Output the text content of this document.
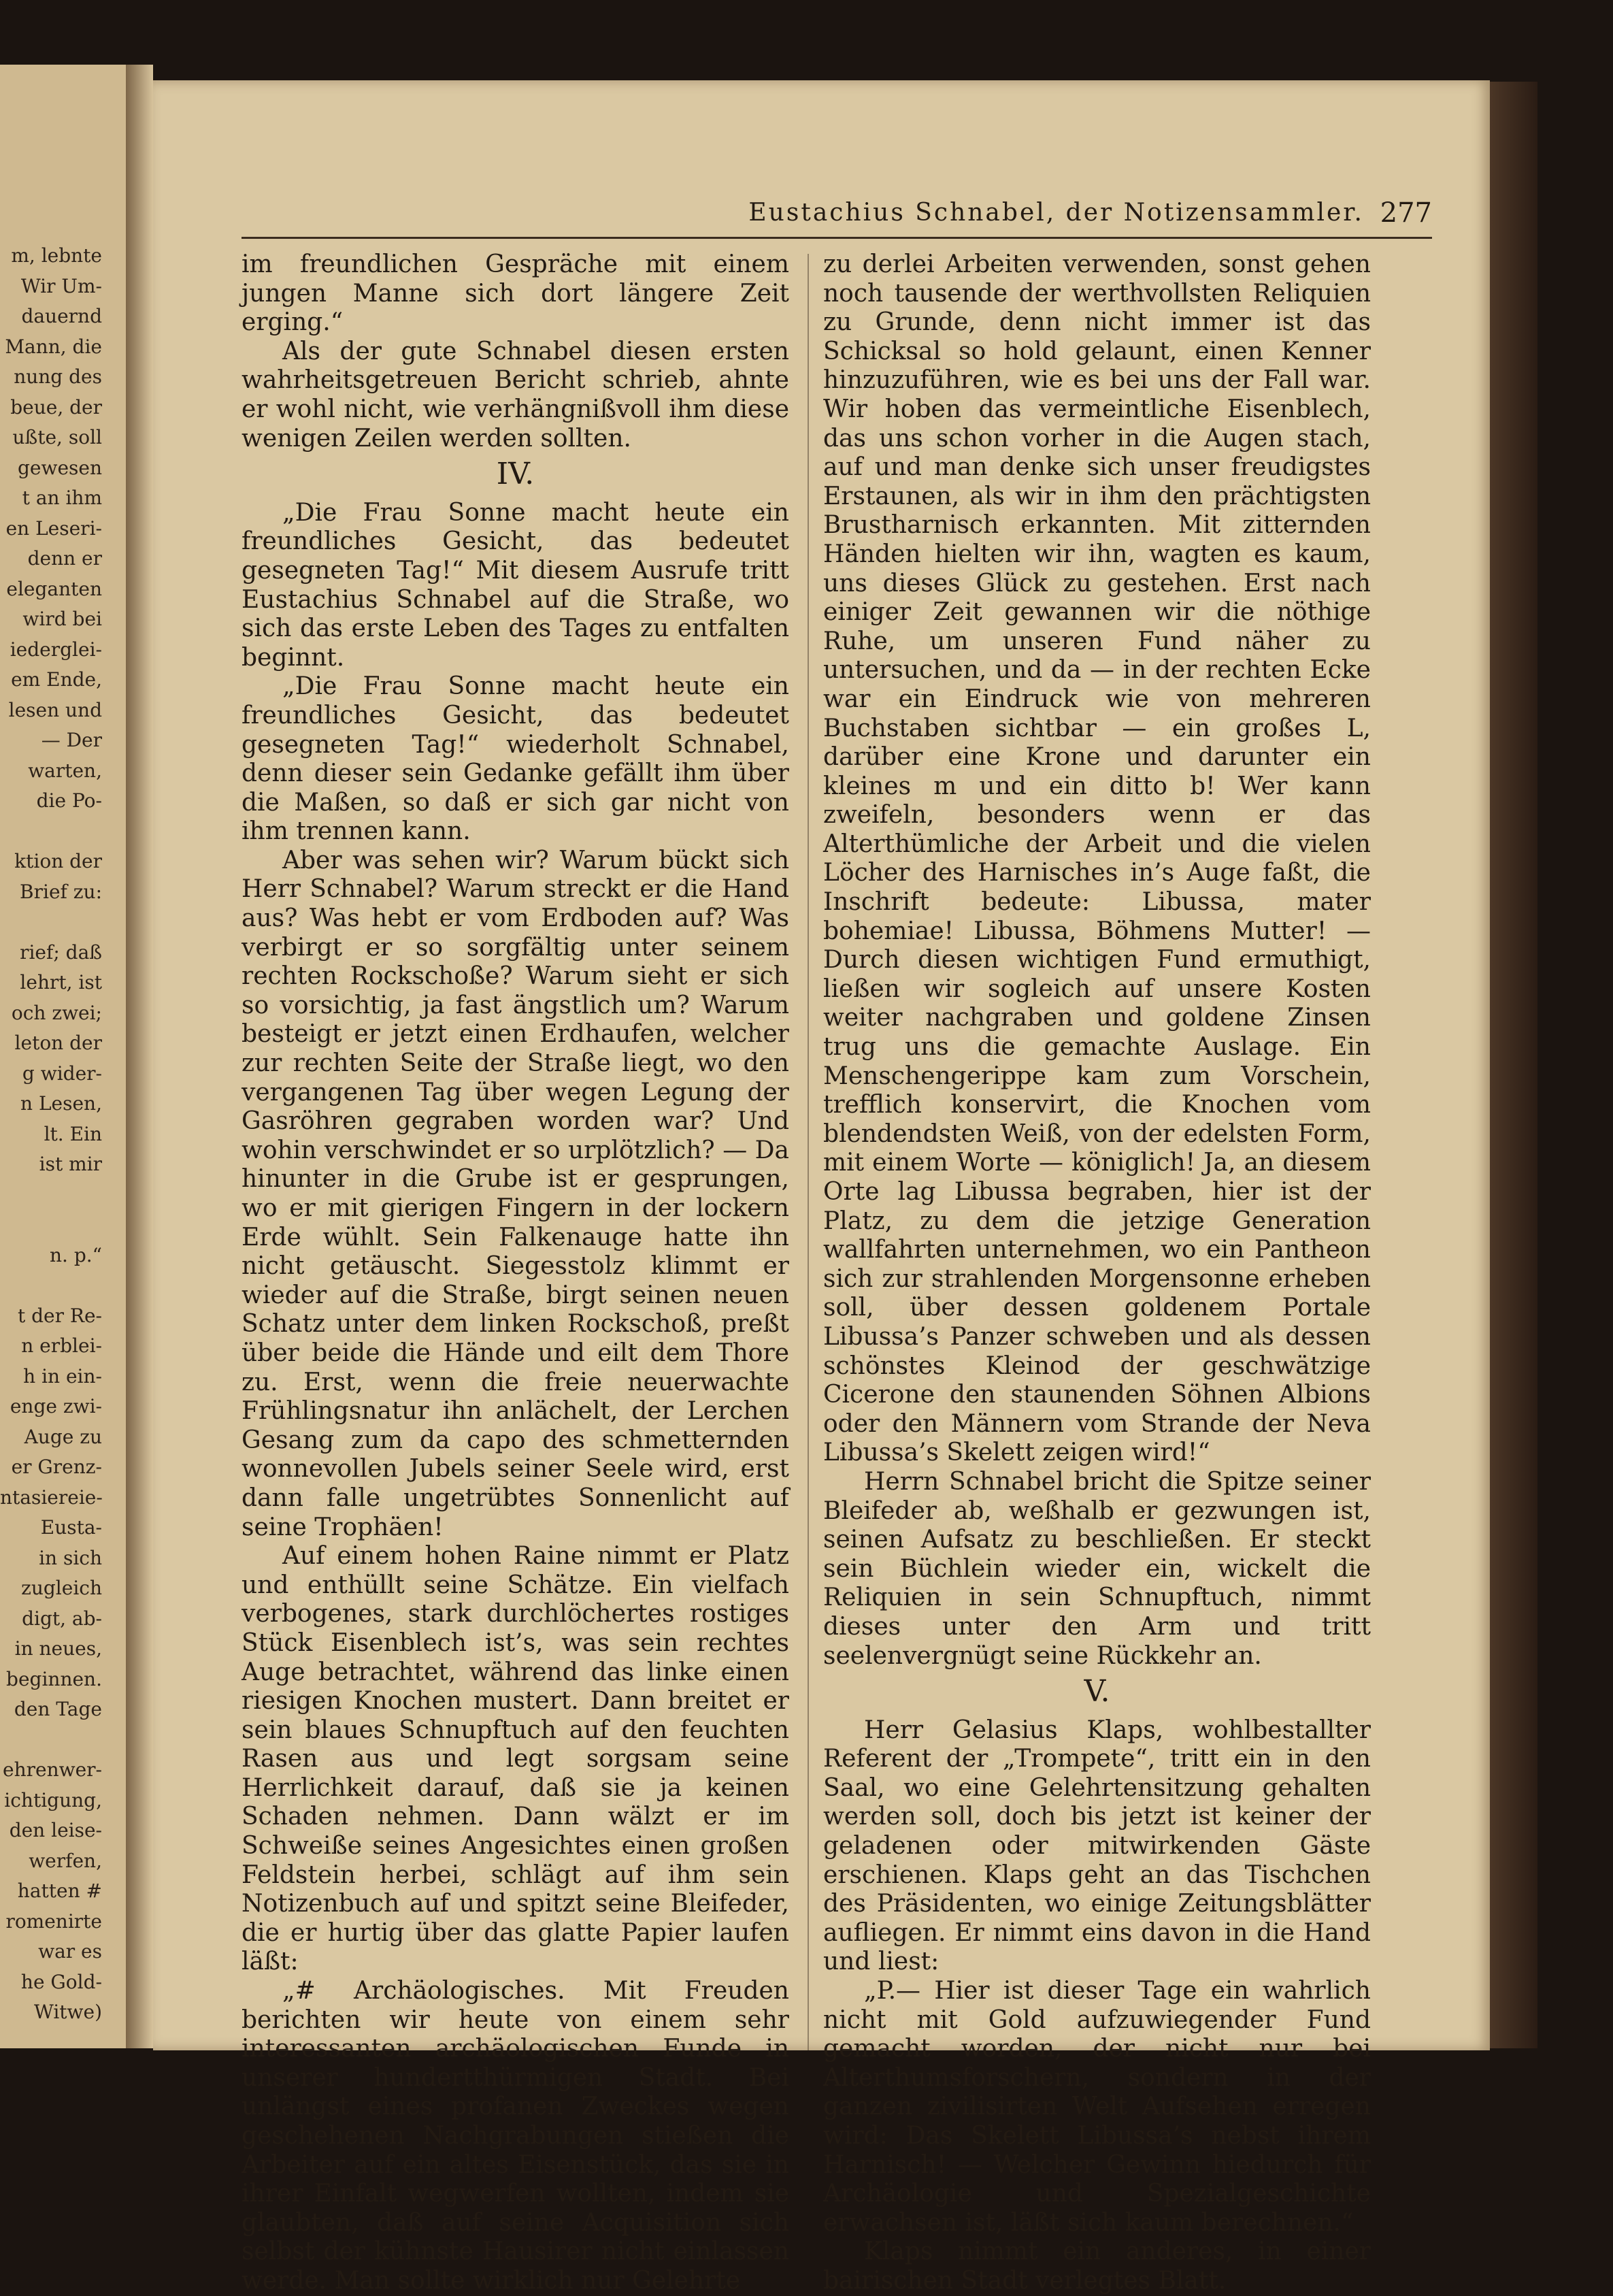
m, lebnte
Wir Um-
dauernd
Mann, die
nung des
beue, der
ußte, soll
gewesen
t an ihm
en Leseri-
denn er
eleganten
wird bei
iederglei-
em Ende,
lesen und
— Der
warten,
die Po-
ktion der
Brief zu:
rief; daß
lehrt, ist
och zwei;
leton der
g wider-
n Lesen,
lt. Ein
ist mir
n. p.“
t der Re-
n erblei-
h in ein-
enge zwi-
Auge zu
er Grenz-
ntasiereie-
Eusta-
in sich
zugleich
digt, ab-
in neues,
beginnen.
den Tage
ehrenwer-
ichtigung,
den leise-
werfen,
hatten #
romenirte
war es
he Gold-
Witwe)
Eustachius Schnabel, der Notizensammler. 277

im freundlichen Gespräche mit einem jungen Manne sich dort längere Zeit erging.“

Als der gute Schnabel diesen ersten wahrheitsgetreuen Bericht schrieb, ahnte er wohl nicht, wie verhängnißvoll ihm diese wenigen Zeilen werden sollten.

IV.

„Die Frau Sonne macht heute ein freundliches Gesicht, das bedeutet gesegneten Tag!“ Mit diesem Ausrufe tritt Eustachius Schnabel auf die Straße, wo sich das erste Leben des Tages zu entfalten beginnt.

„Die Frau Sonne macht heute ein freundliches Gesicht, das bedeutet gesegneten Tag!“ wiederholt Schnabel, denn dieser sein Gedanke gefällt ihm über die Maßen, so daß er sich gar nicht von ihm trennen kann.

Aber was sehen wir? Warum bückt sich Herr Schnabel? Warum streckt er die Hand aus? Was hebt er vom Erdboden auf? Was verbirgt er so sorgfältig unter seinem rechten Rockschoße? Warum sieht er sich so vorsichtig, ja fast ängstlich um? Warum besteigt er jetzt einen Erdhaufen, welcher zur rechten Seite der Straße liegt, wo den vergangenen Tag über wegen Legung der Gasröhren gegraben worden war? Und wohin verschwindet er so urplötzlich? — Da hinunter in die Grube ist er gesprungen, wo er mit gierigen Fingern in der lockern Erde wühlt. Sein Falkenauge hatte ihn nicht getäuscht. Siegesstolz klimmt er wieder auf die Straße, birgt seinen neuen Schatz unter dem linken Rockschoß, preßt über beide die Hände und eilt dem Thore zu. Erst, wenn die freie neuerwachte Frühlingsnatur ihn anlächelt, der Lerchen Gesang zum da capo des schmetternden wonnevollen Jubels seiner Seele wird, erst dann falle ungetrübtes Sonnenlicht auf seine Trophäen!

Auf einem hohen Raine nimmt er Platz und enthüllt seine Schätze. Ein vielfach verbogenes, stark durchlöchertes rostiges Stück Eisenblech ist’s, was sein rechtes Auge betrachtet, während das linke einen riesigen Knochen mustert. Dann breitet er sein blaues Schnupftuch auf den feuchten Rasen aus und legt sorgsam seine Herrlichkeit darauf, daß sie ja keinen Schaden nehmen. Dann wälzt er im Schweiße seines Angesichtes einen großen Feldstein herbei, schlägt auf ihm sein Notizenbuch auf und spitzt seine Bleifeder, die er hurtig über das glatte Papier laufen läßt:

„# Archäologisches. Mit Freuden berichten wir heute von einem sehr interessanten archäologischen Funde in unserer hundertthürmigen Stadt. Bei unlängst eines profanen Zweckes wegen geschehenen Nachgrabungen stießen die Arbeiter auf ein altes Eisenstück, das sie in ihrer Einfalt wegwerfen wollten, indem sie glaubten, daß auf seine Acquisition sich selbst der kühnste Hausirer nicht einlassen werde. Man sollte wirklich nur Gelehrte

zu derlei Arbeiten verwenden, sonst gehen noch tausende der werthvollsten Reliquien zu Grunde, denn nicht immer ist das Schicksal so hold gelaunt, einen Kenner hinzuzuführen, wie es bei uns der Fall war. Wir hoben das vermeintliche Eisenblech, das uns schon vorher in die Augen stach, auf und man denke sich unser freudigstes Erstaunen, als wir in ihm den prächtigsten Brustharnisch erkannten. Mit zitternden Händen hielten wir ihn, wagten es kaum, uns dieses Glück zu gestehen. Erst nach einiger Zeit gewannen wir die nöthige Ruhe, um unseren Fund näher zu untersuchen, und da — in der rechten Ecke war ein Eindruck wie von mehreren Buchstaben sichtbar — ein großes L, darüber eine Krone und darunter ein kleines m und ein ditto b! Wer kann zweifeln, besonders wenn er das Alterthümliche der Arbeit und die vielen Löcher des Harnisches in’s Auge faßt, die Inschrift bedeute: Libussa, mater bohemiae! Libussa, Böhmens Mutter! — Durch diesen wichtigen Fund ermuthigt, ließen wir sogleich auf unsere Kosten weiter nachgraben und goldene Zinsen trug uns die gemachte Auslage. Ein Menschengerippe kam zum Vorschein, trefflich konservirt, die Knochen vom blendendsten Weiß, von der edelsten Form, mit einem Worte — königlich! Ja, an diesem Orte lag Libussa begraben, hier ist der Platz, zu dem die jetzige Generation wallfahrten unternehmen, wo ein Pantheon sich zur strahlenden Morgensonne erheben soll, über dessen goldenem Portale Libussa’s Panzer schweben und als dessen schönstes Kleinod der geschwätzige Cicerone den staunenden Söhnen Albions oder den Männern vom Strande der Neva Libussa’s Skelett zeigen wird!“

Herrn Schnabel bricht die Spitze seiner Bleifeder ab, weßhalb er gezwungen ist, seinen Aufsatz zu beschließen. Er steckt sein Büchlein wieder ein, wickelt die Reliquien in sein Schnupftuch, nimmt dieses unter den Arm und tritt seelenvergnügt seine Rückkehr an.

V.

Herr Gelasius Klaps, wohlbestallter Referent der „Trompete“, tritt ein in den Saal, wo eine Gelehrtensitzung gehalten werden soll, doch bis jetzt ist keiner der geladenen oder mitwirkenden Gäste erschienen. Klaps geht an das Tischchen des Präsidenten, wo einige Zeitungsblätter aufliegen. Er nimmt eins davon in die Hand und liest:

„P.— Hier ist dieser Tage ein wahrlich nicht mit Gold aufzuwiegender Fund gemacht worden, der nicht nur bei Alterthumsforschern, sondern in der ganzen zivilisirten Welt Aufsehen erregen wird: Das Skelett Libussa’s nebst ihrem Harnisch! — Welcher Gewinn hiedurch für Archäologie und Spezialgeschichte erwachsen ist, läßt sich kaum berechnen.“

Klaps nimmt ein anderes, in einer bairischen Stadt verlegtes Blatt.
